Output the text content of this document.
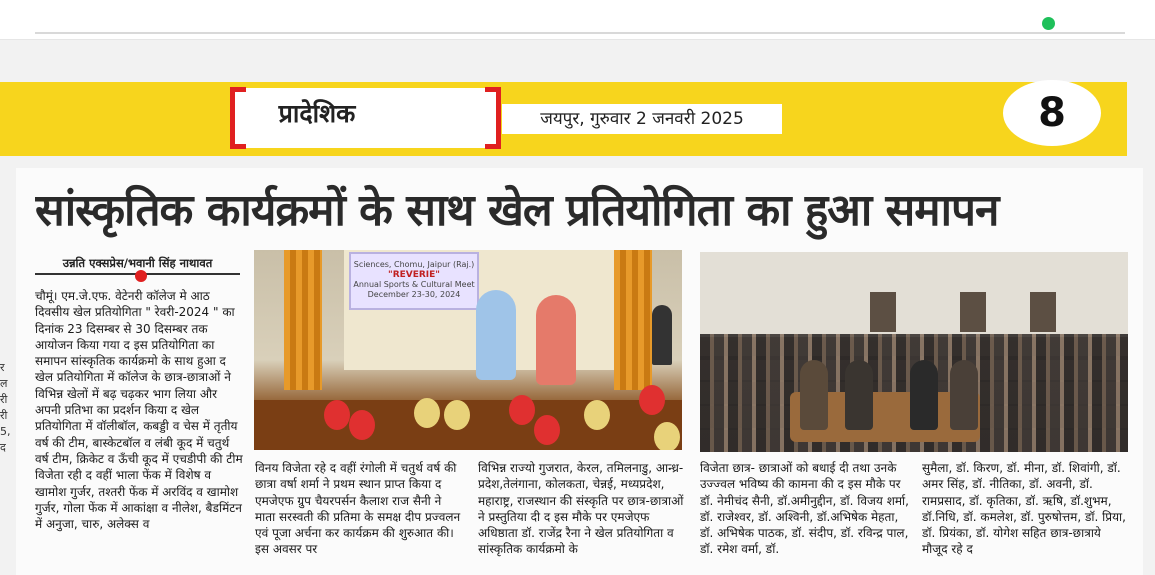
प्रादेशिक	जयपुर, गुरुवार 2 जनवरी 2025	8
र
ल
री
री
5,
द
सांस्कृतिक कार्यक्रमों के साथ खेल प्रतियोगिता का हुआ समापन
उन्नति एक्सप्रेस/भवानी सिंह नाथावत

चौमूं। एम.जे.एफ. वेटेनरी कॉलेज मे आठ दिवसीय खेल प्रतियोगिता " रेवरी-2024 " का दिनांक 23 दिसम्बर से 30 दिसम्बर तक आयोजन किया गया द इस प्रतियोगिता का समापन सांस्कृतिक कार्यक्रमो के साथ हुआ द खेल प्रतियोगिता में कॉलेज के छात्र-छात्राओं ने विभिन्न खेलों में बढ़ चढ़कर भाग लिया और अपनी प्रतिभा का प्रदर्शन किया द खेल प्रतियोगिता में वॉलीबॉल, कबड्डी व चेस में तृतीय वर्ष की टीम, बास्केटबॉल व लंबी कूद में चतुर्थ वर्ष टीम, क्रिकेट व ऊँची कूद में एचडीपी की टीम विजेता रही द वहीं भाला फेंक में विशेष व खामोश गुर्जर, तश्तरी फेंक में अरविंद व खामोश गुर्जर, गोला फेंक में आकांक्षा व नीलेश, बैडमिंटन में अनुजा, चारु, अलेक्स व

Sciences, Chomu, Jaipur (Raj.)
"REVERIE"
Annual Sports & Cultural Meet
December 23-30, 2024

विनय विजेता रहे द वहीं रंगोली में चतुर्थ वर्ष की छात्रा वर्षा शर्मा ने प्रथम स्थान प्राप्त किया द एमजेएफ ग्रुप चैयरपर्सन कैलाश राज सैनी ने माता सरस्वती की प्रतिमा के समक्ष दीप प्रज्वलन एवं पूजा अर्चना कर कार्यक्रम की शुरुआत की। इस अवसर पर

विभिन्न राज्यो गुजरात, केरल, तमिलनाडु, आन्ध्र-प्रदेश,तेलंगाना, कोलकता, चेन्नई, मध्यप्रदेश, महाराष्ट्र, राजस्थान की संस्कृति पर छात्र-छात्राओं ने प्रस्तुतिया दी द इस मौके पर एमजेएफ अधिष्ठाता डॉ. राजेंद्र रैना ने खेल प्रतियोगिता व सांस्कृतिक कार्यक्रमो के

विजेता छात्र- छात्राओं को बधाई दी तथा उनके उज्ज्वल भविष्य की कामना की द इस मौके पर डॉ. नेमीचंद सैनी, डॉ.अमीनुद्दीन, डॉ. विजय शर्मा, डॉ. राजेश्वर, डॉ. अश्विनी, डॉ.अभिषेक मेहता, डॉ. अभिषेक पाठक, डॉ. संदीप, डॉ. रविन्द्र पाल, डॉ. रमेश वर्मा, डॉ.

सुमैला, डॉ. किरण, डॉ. मीना, डॉ. शिवांगी, डॉ. अमर सिंह, डॉ. नीतिका, डॉ. अवनी, डॉ. रामप्रसाद, डॉ. कृतिका, डॉ. ऋषि, डॉ.शुभम, डॉ.निधि, डॉ. कमलेश, डॉ. पुरुषोत्तम, डॉ. प्रिया, डॉ. प्रियंका, डॉ. योगेश सहित छात्र-छात्राये मौजूद रहे द
